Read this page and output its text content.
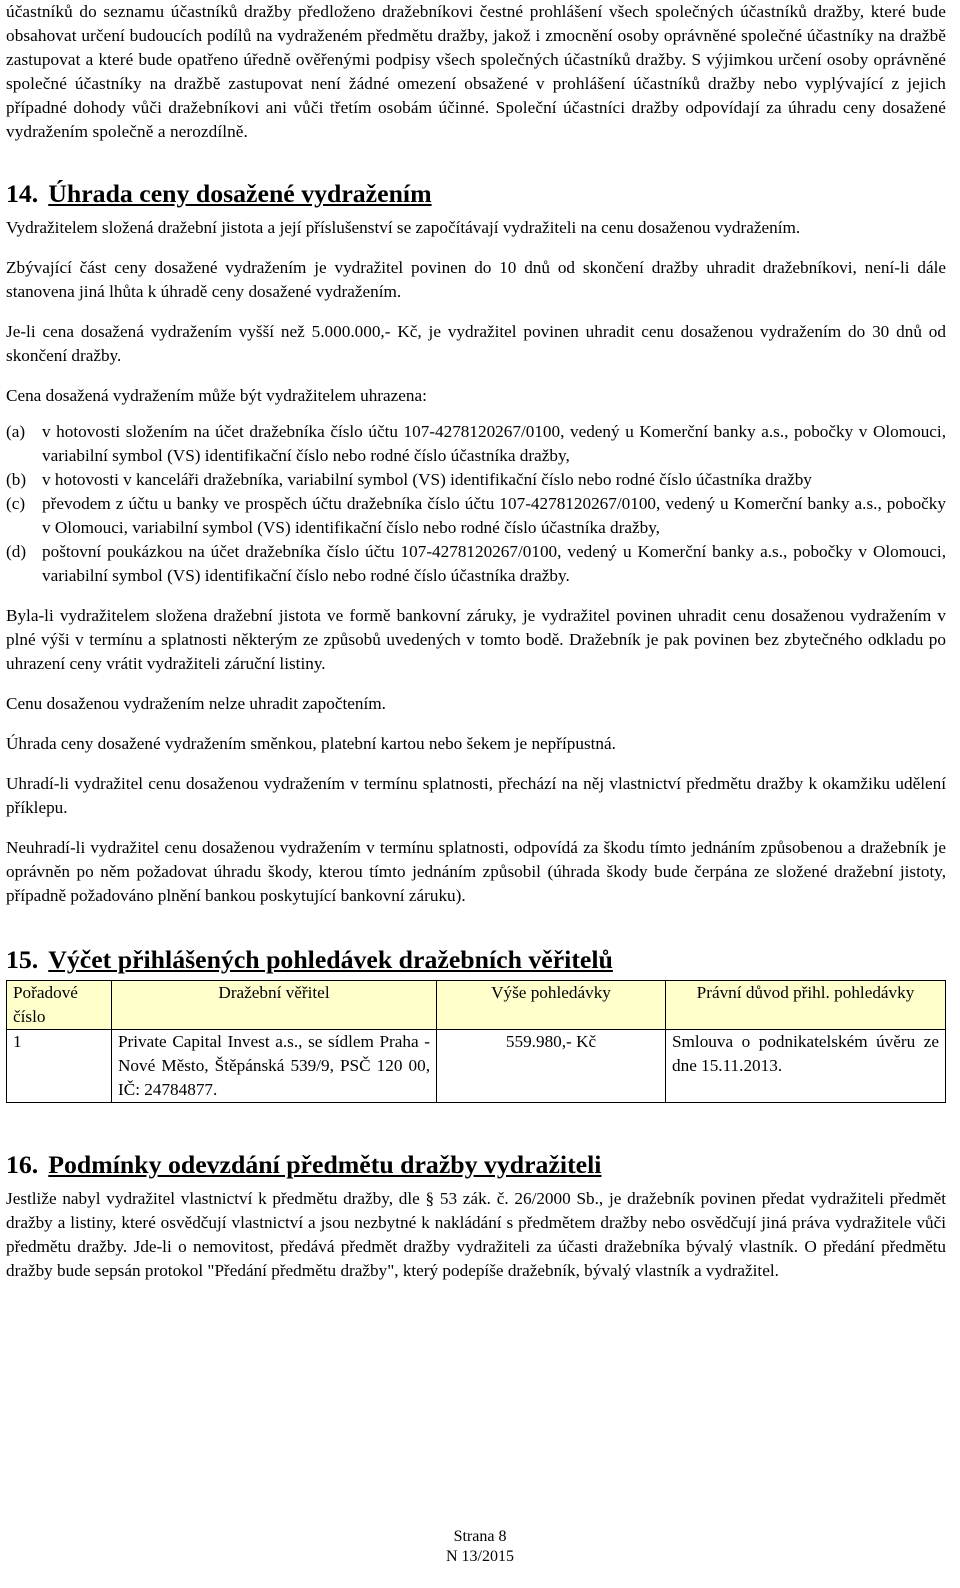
účastníků do seznamu účastníků dražby předloženo dražebníkovi čestné prohlášení všech společných účastníků dražby, které bude obsahovat určení budoucích podílů na vydraženém předmětu dražby, jakož i zmocnění osoby oprávněné společné účastníky na dražbě zastupovat a které bude opatřeno úředně ověřenými podpisy všech společných účastníků dražby. S výjimkou určení osoby oprávněné společné účastníky na dražbě zastupovat není žádné omezení obsažené v prohlášení účastníků dražby nebo vyplývající z jejich případné dohody vůči dražebníkovi ani vůči třetím osobám účinné. Společní účastníci dražby odpovídají za úhradu ceny dosažené vydražením společně a nerozdílně.

14. Úhrada ceny dosažené vydražením

Vydražitelem složená dražební jistota a její příslušenství se započítávají vydražiteli na cenu dosaženou vydražením.

Zbývající část ceny dosažené vydražením je vydražitel povinen do 10 dnů od skončení dražby uhradit dražebníkovi, není-li dále stanovena jiná lhůta k úhradě ceny dosažené vydražením.

Je-li cena dosažená vydražením vyšší než 5.000.000,- Kč, je vydražitel povinen uhradit cenu dosaženou vydražením do 30 dnů od skončení dražby.

Cena dosažená vydražením může být vydražitelem uhrazena:

(a) v hotovosti složením na účet dražebníka číslo účtu 107-4278120267/0100, vedený u Komerční banky a.s., pobočky v Olomouci, variabilní symbol (VS) identifikační číslo nebo rodné číslo účastníka dražby,
(b) v hotovosti v kanceláři dražebníka, variabilní symbol (VS) identifikační číslo nebo rodné číslo účastníka dražby
(c) převodem z účtu u banky ve prospěch účtu dražebníka číslo účtu 107-4278120267/0100, vedený u Komerční banky a.s., pobočky v Olomouci, variabilní symbol (VS) identifikační číslo nebo rodné číslo účastníka dražby,
(d) poštovní poukázkou na účet dražebníka číslo účtu 107-4278120267/0100, vedený u Komerční banky a.s., pobočky v Olomouci, variabilní symbol (VS) identifikační číslo nebo rodné číslo účastníka dražby.

Byla-li vydražitelem složena dražební jistota ve formě bankovní záruky, je vydražitel povinen uhradit cenu dosaženou vydražením v plné výši v termínu a splatnosti některým ze způsobů uvedených v tomto bodě. Dražebník je pak povinen bez zbytečného odkladu po uhrazení ceny vrátit vydražiteli záruční listiny.

Cenu dosaženou vydražením nelze uhradit započtením.

Úhrada ceny dosažené vydražením směnkou, platební kartou nebo šekem je nepřípustná.

Uhradí-li vydražitel cenu dosaženou vydražením v termínu splatnosti, přechází na něj vlastnictví předmětu dražby k okamžiku udělení příklepu.

Neuhradí-li vydražitel cenu dosaženou vydražením v termínu splatnosti, odpovídá za škodu tímto jednáním způsobenou a dražebník je oprávněn po něm požadovat úhradu škody, kterou tímto jednáním způsobil (úhrada škody bude čerpána ze složené dražební jistoty, případně požadováno plnění bankou poskytující bankovní záruku).

15. Výčet přihlášených pohledávek dražebních věřitelů
Pořadové číslo	Dražební věřitel	Výše pohledávky	Právní důvod přihl. pohledávky
1	Private Capital Invest a.s., se sídlem Praha - Nové Město, Štěpánská 539/9, PSČ 120 00, IČ: 24784877.	559.980,- Kč	Smlouva o podnikatelském úvěru ze dne 15.11.2013.
16. Podmínky odevzdání předmětu dražby vydražiteli

Jestliže nabyl vydražitel vlastnictví k předmětu dražby, dle § 53 zák. č. 26/2000 Sb., je dražebník povinen předat vydražiteli předmět dražby a listiny, které osvědčují vlastnictví a jsou nezbytné k nakládání s předmětem dražby nebo osvědčují jiná práva vydražitele vůči předmětu dražby. Jde-li o nemovitost, předává předmět dražby vydražiteli za účasti dražebníka bývalý vlastník. O předání předmětu dražby bude sepsán protokol "Předání předmětu dražby", který podepíše dražebník, bývalý vlastník a vydražitel.

Strana 8
N 13/2015
